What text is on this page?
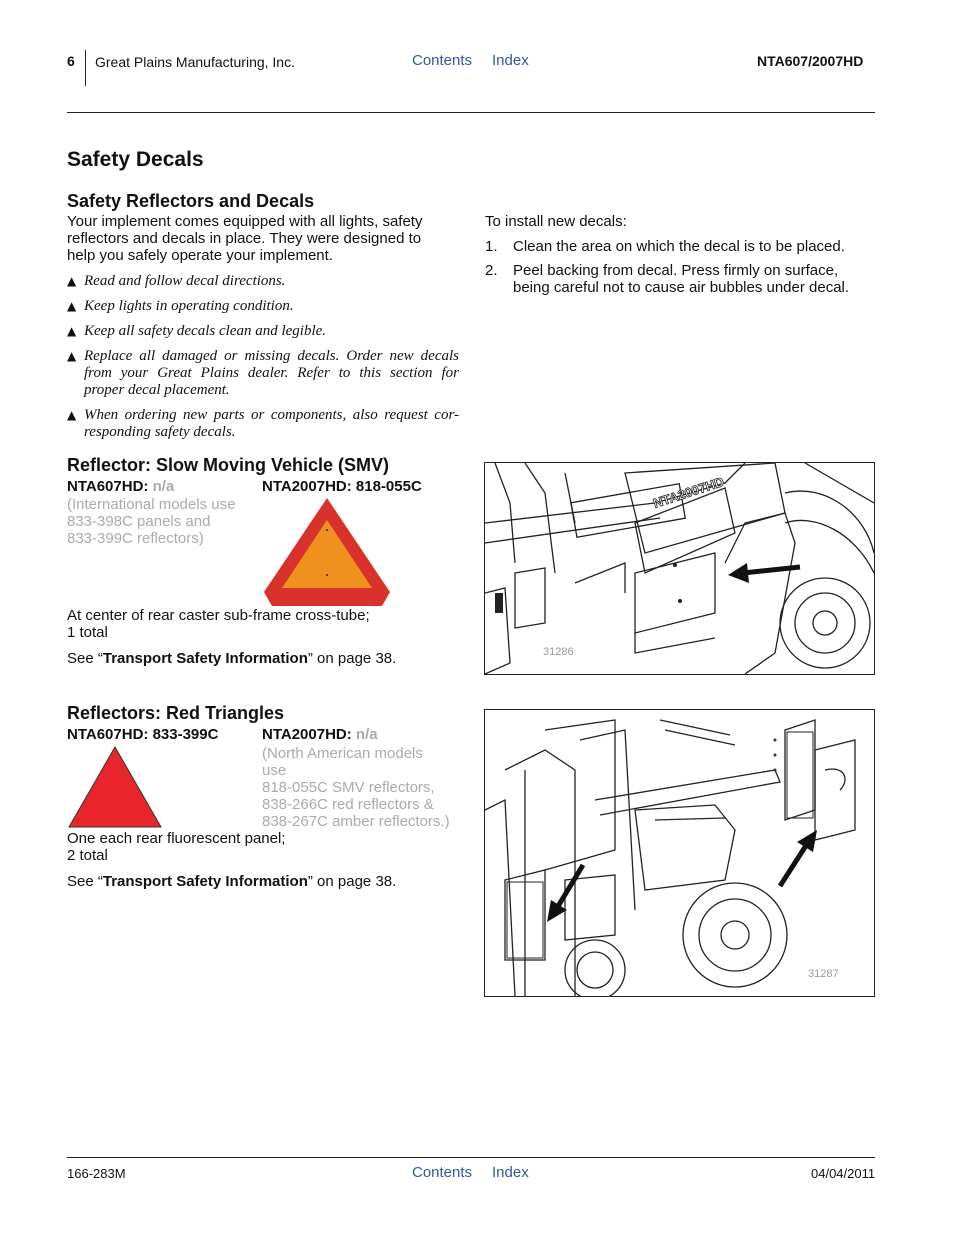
6 Great Plains Manufacturing, Inc.	Contents Index	NTA607/2007HD
Safety Decals
Safety Reflectors and Decals
Your implement comes equipped with all lights, safety
reflectors and decals in place. They were designed to
help you safely operate your implement.
▲ Read and follow decal directions.
▲ Keep lights in operating condition.
▲ Keep all safety decals clean and legible.
▲ Replace all damaged or missing decals. Order new decals
from your Great Plains dealer. Refer to this section for
proper decal placement.
▲ When ordering new parts or components, also request cor-
responding safety decals.
To install new decals:
1.	Clean the area on which the decal is to be placed.
2.	Peel backing from decal. Press firmly on surface,
being careful not to cause air bubbles under decal.
Reflector: Slow Moving Vehicle (SMV)
NTA607HD: n/a
(International models use
833-398C panels and
833-399C reflectors)
NTA2007HD: 818-055C
At center of rear caster sub-frame cross-tube;
1 total
See “Transport Safety Information” on page 38.
NTA2007HD
31286
Reflectors: Red Triangles
NTA607HD: 833-399C	NTA2007HD: n/a
(North American models
use
818-055C SMV reflectors,
838-266C red reflectors &
838-267C amber reflectors.)
One each rear fluorescent panel;
2 total
See “Transport Safety Information” on page 38.
31287
166-283M	Contents Index	04/04/2011
